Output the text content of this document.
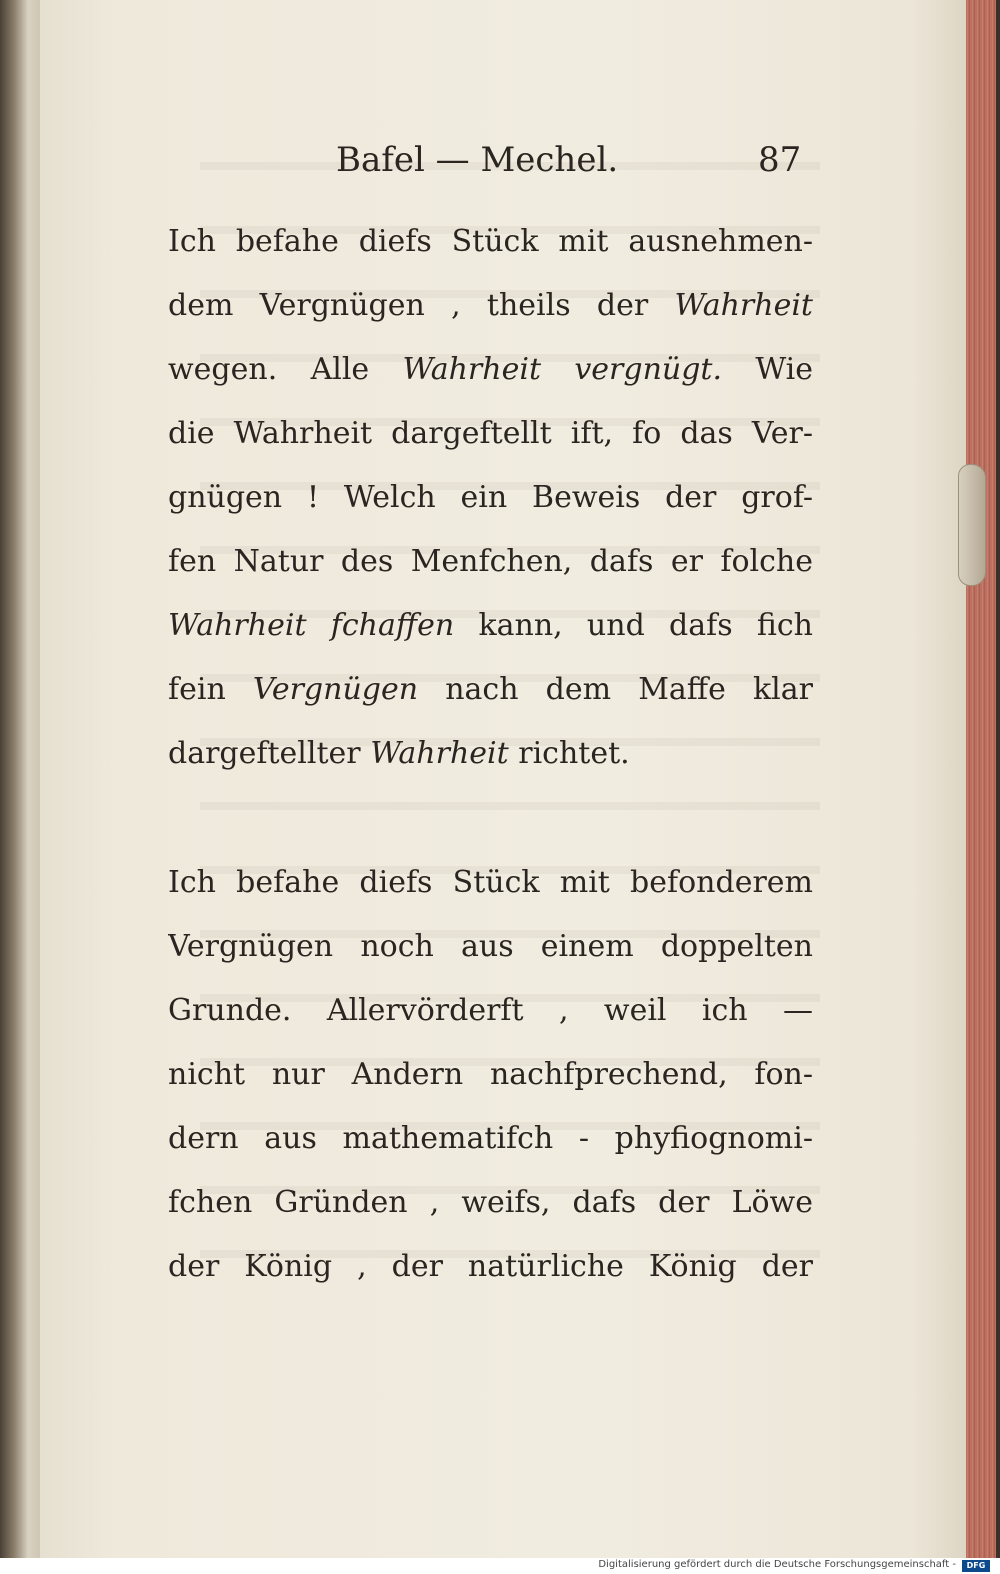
Bafel — Mechel.	87
Ich befahe diefs Stück mit ausnehmen-
dem Vergnügen , theils der Wahrheit
wegen. Alle Wahrheit vergnügt. Wie
die Wahrheit dargeftellt ift, fo das Ver-
gnügen ! Welch ein Beweis der grof-
fen Natur des Menfchen, dafs er folche
Wahrheit fchaffen kann, und dafs fich
fein Vergnügen nach dem Maffe klar
dargeftellter Wahrheit richtet.
Ich befahe diefs Stück mit befonderem
Vergnügen noch aus einem doppelten
Grunde. Allervörderft , weil ich —
nicht nur Andern nachfprechend, fon-
dern aus mathematifch - phyfiognomi-
fchen Gründen , weifs, dafs der Löwe
der König , der natürliche König der
Digitalisierung gefördert durch die Deutsche Forschungsgemeinschaft -	DFG
